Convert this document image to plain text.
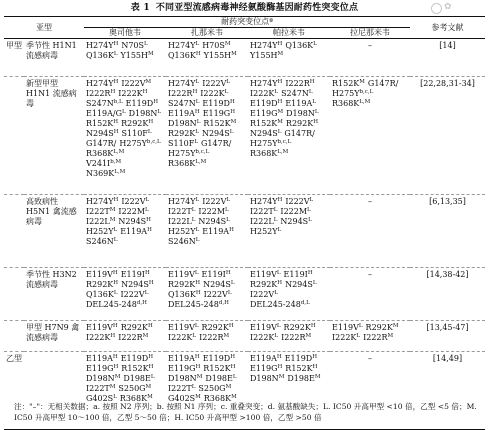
表 1 不同亚型流感病毒神经氨酸酶基因耐药性突变位点	✿
亚型		耐药突变位点ª				参考文献
		奥司他韦	扎那米韦	帕拉米韦	拉尼那米韦	
甲型	季节性 H1N1 流感病毒	$H274Y^H$ $N70S^LQ136K^L$ $Y155H^M$	$H274Y^L$ $H70S^MQ136K^H$ $Y155H^M$	$H274Y^H$ $Q136K^LY155H^M$	–	[14]
	新型甲型 H1N1 流感病毒	$H274Y^H$ $I222V^MI222R^H$ $I222K^HS247N^{b,L}$ $E119D^HE119A/G^L$ $D198N^LR152K^H$ $R292K^HN294S^H$ $S110F^LG147R/$ $H275Y^{b,c,L}R368K^{L,M}V241I^{b,M}N369K^{L,M}$	$H274Y^L$ $I222V^LI222R^H$ $I222K^LS247N^L$ $E119D^HE119A^H$ $E119G^HD198N^L$ $R152K^MR292K^L$ $N294S^LS110F^L$ $G147R/H275Y^{b,c,L}R368K^{L,M}$	$H274Y^H$ $I222R^HI222K^L$ $S247N^LE119D^H$ $E119A^LE119G^M$ $D198N^LR152K^M$ $R292K^HN294S^L$ $G147R/H275Y^{b,c,L}R368K^{L,M}$	$R152K^M$ $G147R/H275Y^{b,c,L}R368K^{L,M}$	[22,28,31-34]
	高致病性 H5N1 禽流感病毒	$H274Y^H$ $I222V^LI222T^M$ $I222M^LI222L^M$ $N294S^HH252Y^L$ $E119A^HS246N^L$	$H274Y^L$ $I222V^LI222T^L$ $I222M^LI222L^L$ $N294S^LH252Y^L$ $E119A^HS246N^L$	$H274Y^H$ $I222V^LI222T^L$ $I222M^LI222L^L$ $N294S^LH252Y^L$	–	[6,13,35]
	季节性 H3N2 流感病毒	$E119V^H$ $E119I^HR292K^H$ $N294S^HQ136K^L$ $I222V^LDEL245-248^{d,H}$	$E119V^L$ $E119I^HR292K^H$ $N294S^LQ136K^H$ $I222V^LDEL245-248^{d,H}$	$E119V^L$ $E119I^HR292K^H$ $N294S^LI222V^LDEL245-248^{d,L}$	–	[14,38-42]
	甲型 H7N9 禽流感病毒	$E119V^H$ $R292K^HI222K^H$ $I222R^M$	$E119V^L$ $R292K^HI222K^L$ $I222R^M$	$E119V^L$ $R292K^HI222K^L$ $I222R^M$	$E119V^L$ $R292K^MI222K^L$ $I222R^M$	[13,45-47]
乙型		$E119A^H$ $E119D^HE119G^H$ $R152K^HD198N^M$ $D198E^LI222T^M$ $S250G^MG402S^L$ $R368K^M$	$E119A^H$ $E119D^HE119G^H$ $R152K^HD198N^M$ $D198E^LI222T^L$ $S250G^MG402S^M$ $R368K^M$	$E119A^H$ $E119D^HE119G^H$ $R152K^HD198N^M$ $D198E^M$	–	[14,49]
注："–"：无相关数据；a. 按照 N2 序列；b. 按照 N1 序列；c. 重叠突变；d. 氨基酸缺失；L. IC50 升高甲型 <10 倍，乙型 <5 倍；M. IC50 升高甲型 10～100 倍，乙型 5～50 倍；H. IC50 升高甲型 >100 倍，乙型 >50 倍
